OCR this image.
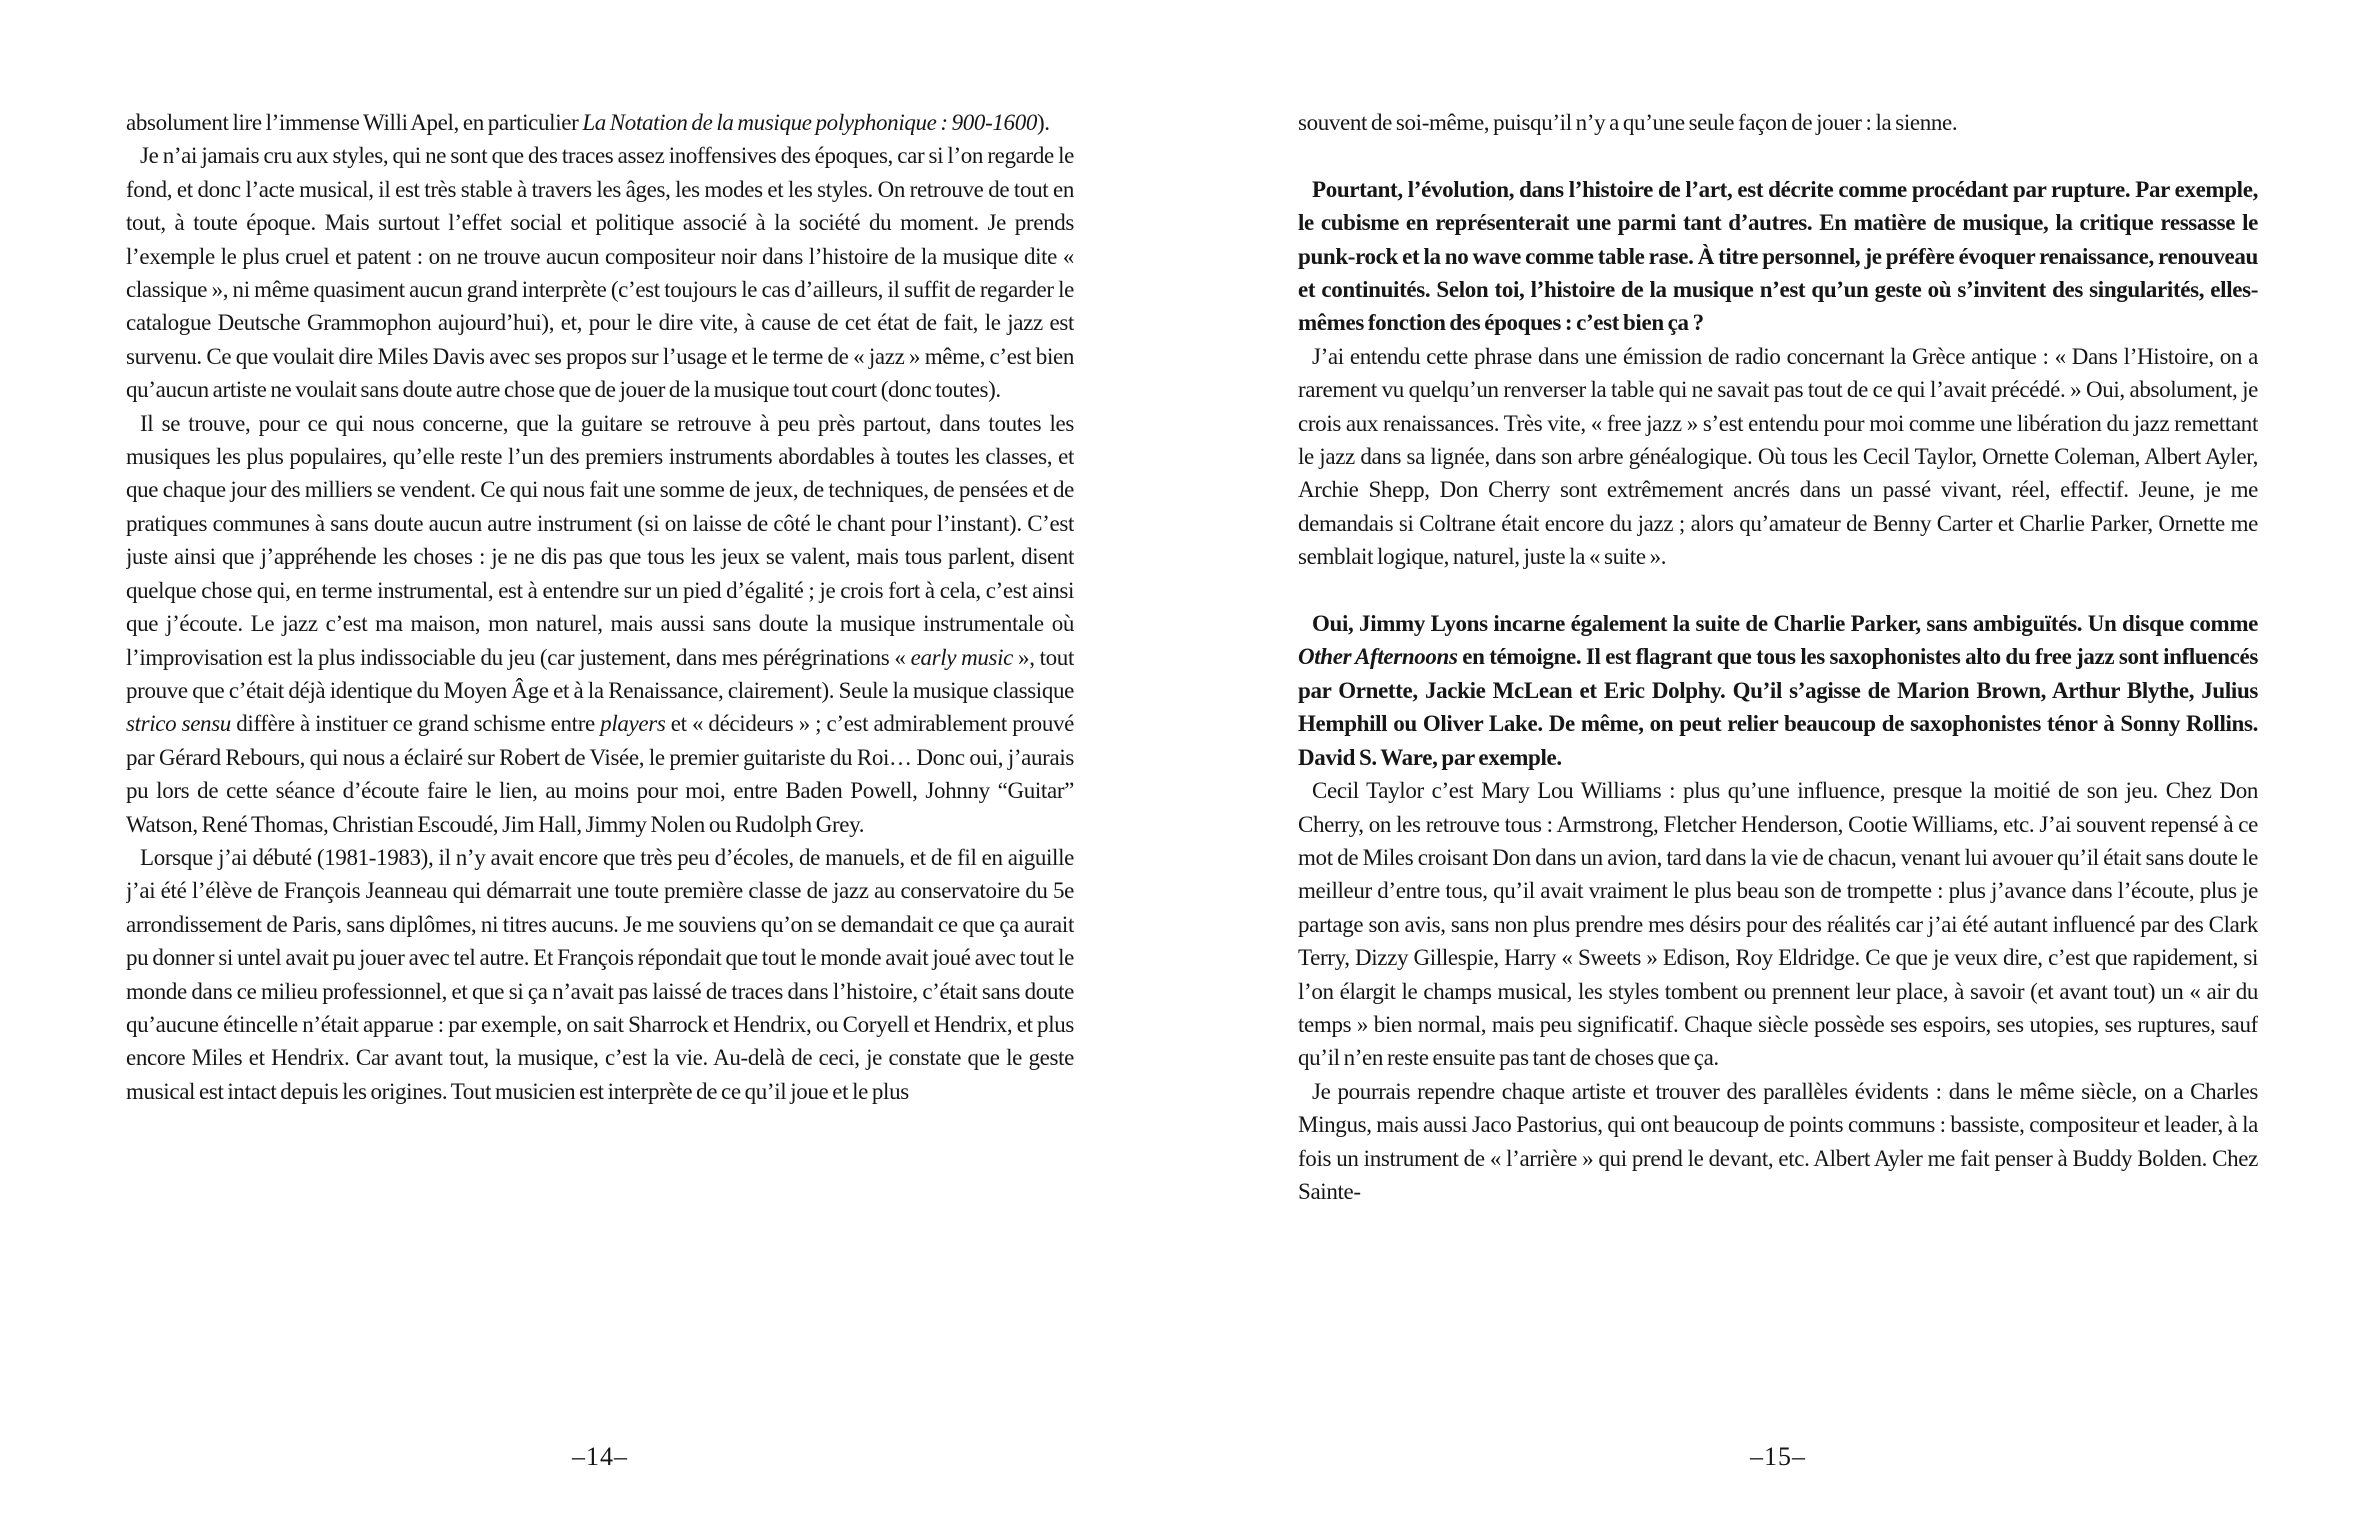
absolument lire l’immense Willi Apel, en particulier La Notation de la musique polyphonique : 900-1600).

Je n’ai jamais cru aux styles, qui ne sont que des traces assez inoffensives des époques, car si l’on regarde le fond, et donc l’acte musical, il est très stable à travers les âges, les modes et les styles. On retrouve de tout en tout, à toute époque. Mais surtout l’effet social et politique associé à la société du moment. Je prends l’exemple le plus cruel et patent : on ne trouve aucun compositeur noir dans l’histoire de la musique dite « classique », ni même quasiment aucun grand interprète (c’est toujours le cas d’ailleurs, il suffit de regarder le catalogue Deutsche Grammophon aujourd’hui), et, pour le dire vite, à cause de cet état de fait, le jazz est survenu. Ce que voulait dire Miles Davis avec ses propos sur l’usage et le terme de « jazz » même, c’est bien qu’aucun artiste ne voulait sans doute autre chose que de jouer de la musique tout court (donc toutes).

Il se trouve, pour ce qui nous concerne, que la guitare se retrouve à peu près partout, dans toutes les musiques les plus populaires, qu’elle reste l’un des premiers instruments abordables à toutes les classes, et que chaque jour des milliers se vendent. Ce qui nous fait une somme de jeux, de techniques, de pensées et de pratiques communes à sans doute aucun autre instrument (si on laisse de côté le chant pour l’instant). C’est juste ainsi que j’appréhende les choses : je ne dis pas que tous les jeux se valent, mais tous parlent, disent quelque chose qui, en terme instrumental, est à entendre sur un pied d’égalité ; je crois fort à cela, c’est ainsi que j’écoute. Le jazz c’est ma maison, mon naturel, mais aussi sans doute la musique instrumentale où l’improvisation est la plus indissociable du jeu (car justement, dans mes pérégrinations « early music », tout prouve que c’était déjà identique du Moyen Âge et à la Renaissance, clairement). Seule la musique classique strico sensu diffère à instituer ce grand schisme entre players et « décideurs » ; c’est admirablement prouvé par Gérard Rebours, qui nous a éclairé sur Robert de Visée, le premier guitariste du Roi… Donc oui, j’aurais pu lors de cette séance d’écoute faire le lien, au moins pour moi, entre Baden Powell, Johnny “Guitar” Watson, René Thomas, Christian Escoudé, Jim Hall, Jimmy Nolen ou Rudolph Grey.

Lorsque j’ai débuté (1981-1983), il n’y avait encore que très peu d’écoles, de manuels, et de fil en aiguille j’ai été l’élève de François Jeanneau qui démarrait une toute première classe de jazz au conservatoire du 5e arrondissement de Paris, sans diplômes, ni titres aucuns. Je me souviens qu’on se demandait ce que ça aurait pu donner si untel avait pu jouer avec tel autre. Et François répondait que tout le monde avait joué avec tout le monde dans ce milieu professionnel, et que si ça n’avait pas laissé de traces dans l’histoire, c’était sans doute qu’aucune étincelle n’était apparue : par exemple, on sait Sharrock et Hendrix, ou Coryell et Hendrix, et plus encore Miles et Hendrix. Car avant tout, la musique, c’est la vie. Au-delà de ceci, je constate que le geste musical est intact depuis les origines. Tout musicien est interprète de ce qu’il joue et le plus

–14–

souvent de soi-même, puisqu’il n’y a qu’une seule façon de jouer : la sienne.

Pourtant, l’évolution, dans l’histoire de l’art, est décrite comme procédant par rupture. Par exemple, le cubisme en représenterait une parmi tant d’autres. En matière de musique, la critique ressasse le punk-rock et la no wave comme table rase. À titre personnel, je préfère évoquer renaissance, renouveau et continuités. Selon toi, l’histoire de la musique n’est qu’un geste où s’invitent des singularités, elles-mêmes fonction des époques : c’est bien ça ?

J’ai entendu cette phrase dans une émission de radio concernant la Grèce antique : « Dans l’Histoire, on a rarement vu quelqu’un renverser la table qui ne savait pas tout de ce qui l’avait précédé. » Oui, absolument, je crois aux renaissances. Très vite, « free jazz » s’est entendu pour moi comme une libération du jazz remettant le jazz dans sa lignée, dans son arbre généalogique. Où tous les Cecil Taylor, Ornette Coleman, Albert Ayler, Archie Shepp, Don Cherry sont extrêmement ancrés dans un passé vivant, réel, effectif. Jeune, je me demandais si Coltrane était encore du jazz ; alors qu’amateur de Benny Carter et Charlie Parker, Ornette me semblait logique, naturel, juste la « suite ».

Oui, Jimmy Lyons incarne également la suite de Charlie Parker, sans ambiguïtés. Un disque comme Other Afternoons en témoigne. Il est flagrant que tous les saxophonistes alto du free jazz sont influencés par Ornette, Jackie McLean et Eric Dolphy. Qu’il s’agisse de Marion Brown, Arthur Blythe, Julius Hemphill ou Oliver Lake. De même, on peut relier beaucoup de saxophonistes ténor à Sonny Rollins. David S. Ware, par exemple.

Cecil Taylor c’est Mary Lou Williams : plus qu’une influence, presque la moitié de son jeu. Chez Don Cherry, on les retrouve tous : Armstrong, Fletcher Henderson, Cootie Williams, etc. J’ai souvent repensé à ce mot de Miles croisant Don dans un avion, tard dans la vie de chacun, venant lui avouer qu’il était sans doute le meilleur d’entre tous, qu’il avait vraiment le plus beau son de trompette : plus j’avance dans l’écoute, plus je partage son avis, sans non plus prendre mes désirs pour des réalités car j’ai été autant influencé par des Clark Terry, Dizzy Gillespie, Harry « Sweets » Edison, Roy Eldridge. Ce que je veux dire, c’est que rapidement, si l’on élargit le champs musical, les styles tombent ou prennent leur place, à savoir (et avant tout) un « air du temps » bien normal, mais peu significatif. Chaque siècle possède ses espoirs, ses utopies, ses ruptures, sauf qu’il n’en reste ensuite pas tant de choses que ça.

Je pourrais rependre chaque artiste et trouver des parallèles évidents : dans le même siècle, on a Charles Mingus, mais aussi Jaco Pastorius, qui ont beaucoup de points communs : bassiste, compositeur et leader, à la fois un instrument de « l’arrière » qui prend le devant, etc. Albert Ayler me fait penser à Buddy Bolden. Chez Sainte-

–15–
